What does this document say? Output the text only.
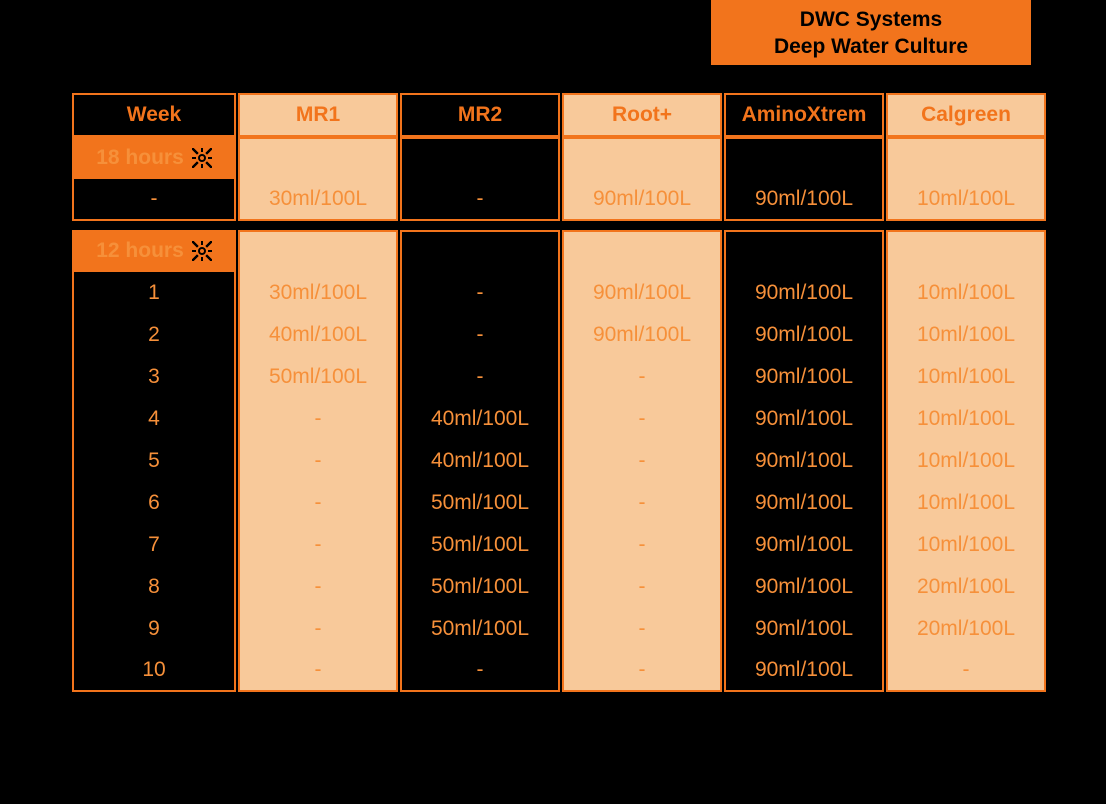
DWC Systems
Deep Water Culture
Week	MR1	MR2	Root+	AminoXtrem	Calgreen

18 hours					

-	30ml/100L	-	90ml/100L	90ml/100L	10ml/100L

12 hours					

1	30ml/100L	-	90ml/100L	90ml/100L	10ml/100L
2	40ml/100L	-	90ml/100L	90ml/100L	10ml/100L
3	50ml/100L	-	-	90ml/100L	10ml/100L
4	-	40ml/100L	-	90ml/100L	10ml/100L
5	-	40ml/100L	-	90ml/100L	10ml/100L
6	-	50ml/100L	-	90ml/100L	10ml/100L
7	-	50ml/100L	-	90ml/100L	10ml/100L
8	-	50ml/100L	-	90ml/100L	20ml/100L
9	-	50ml/100L	-	90ml/100L	20ml/100L
10	-	-	-	90ml/100L	-
